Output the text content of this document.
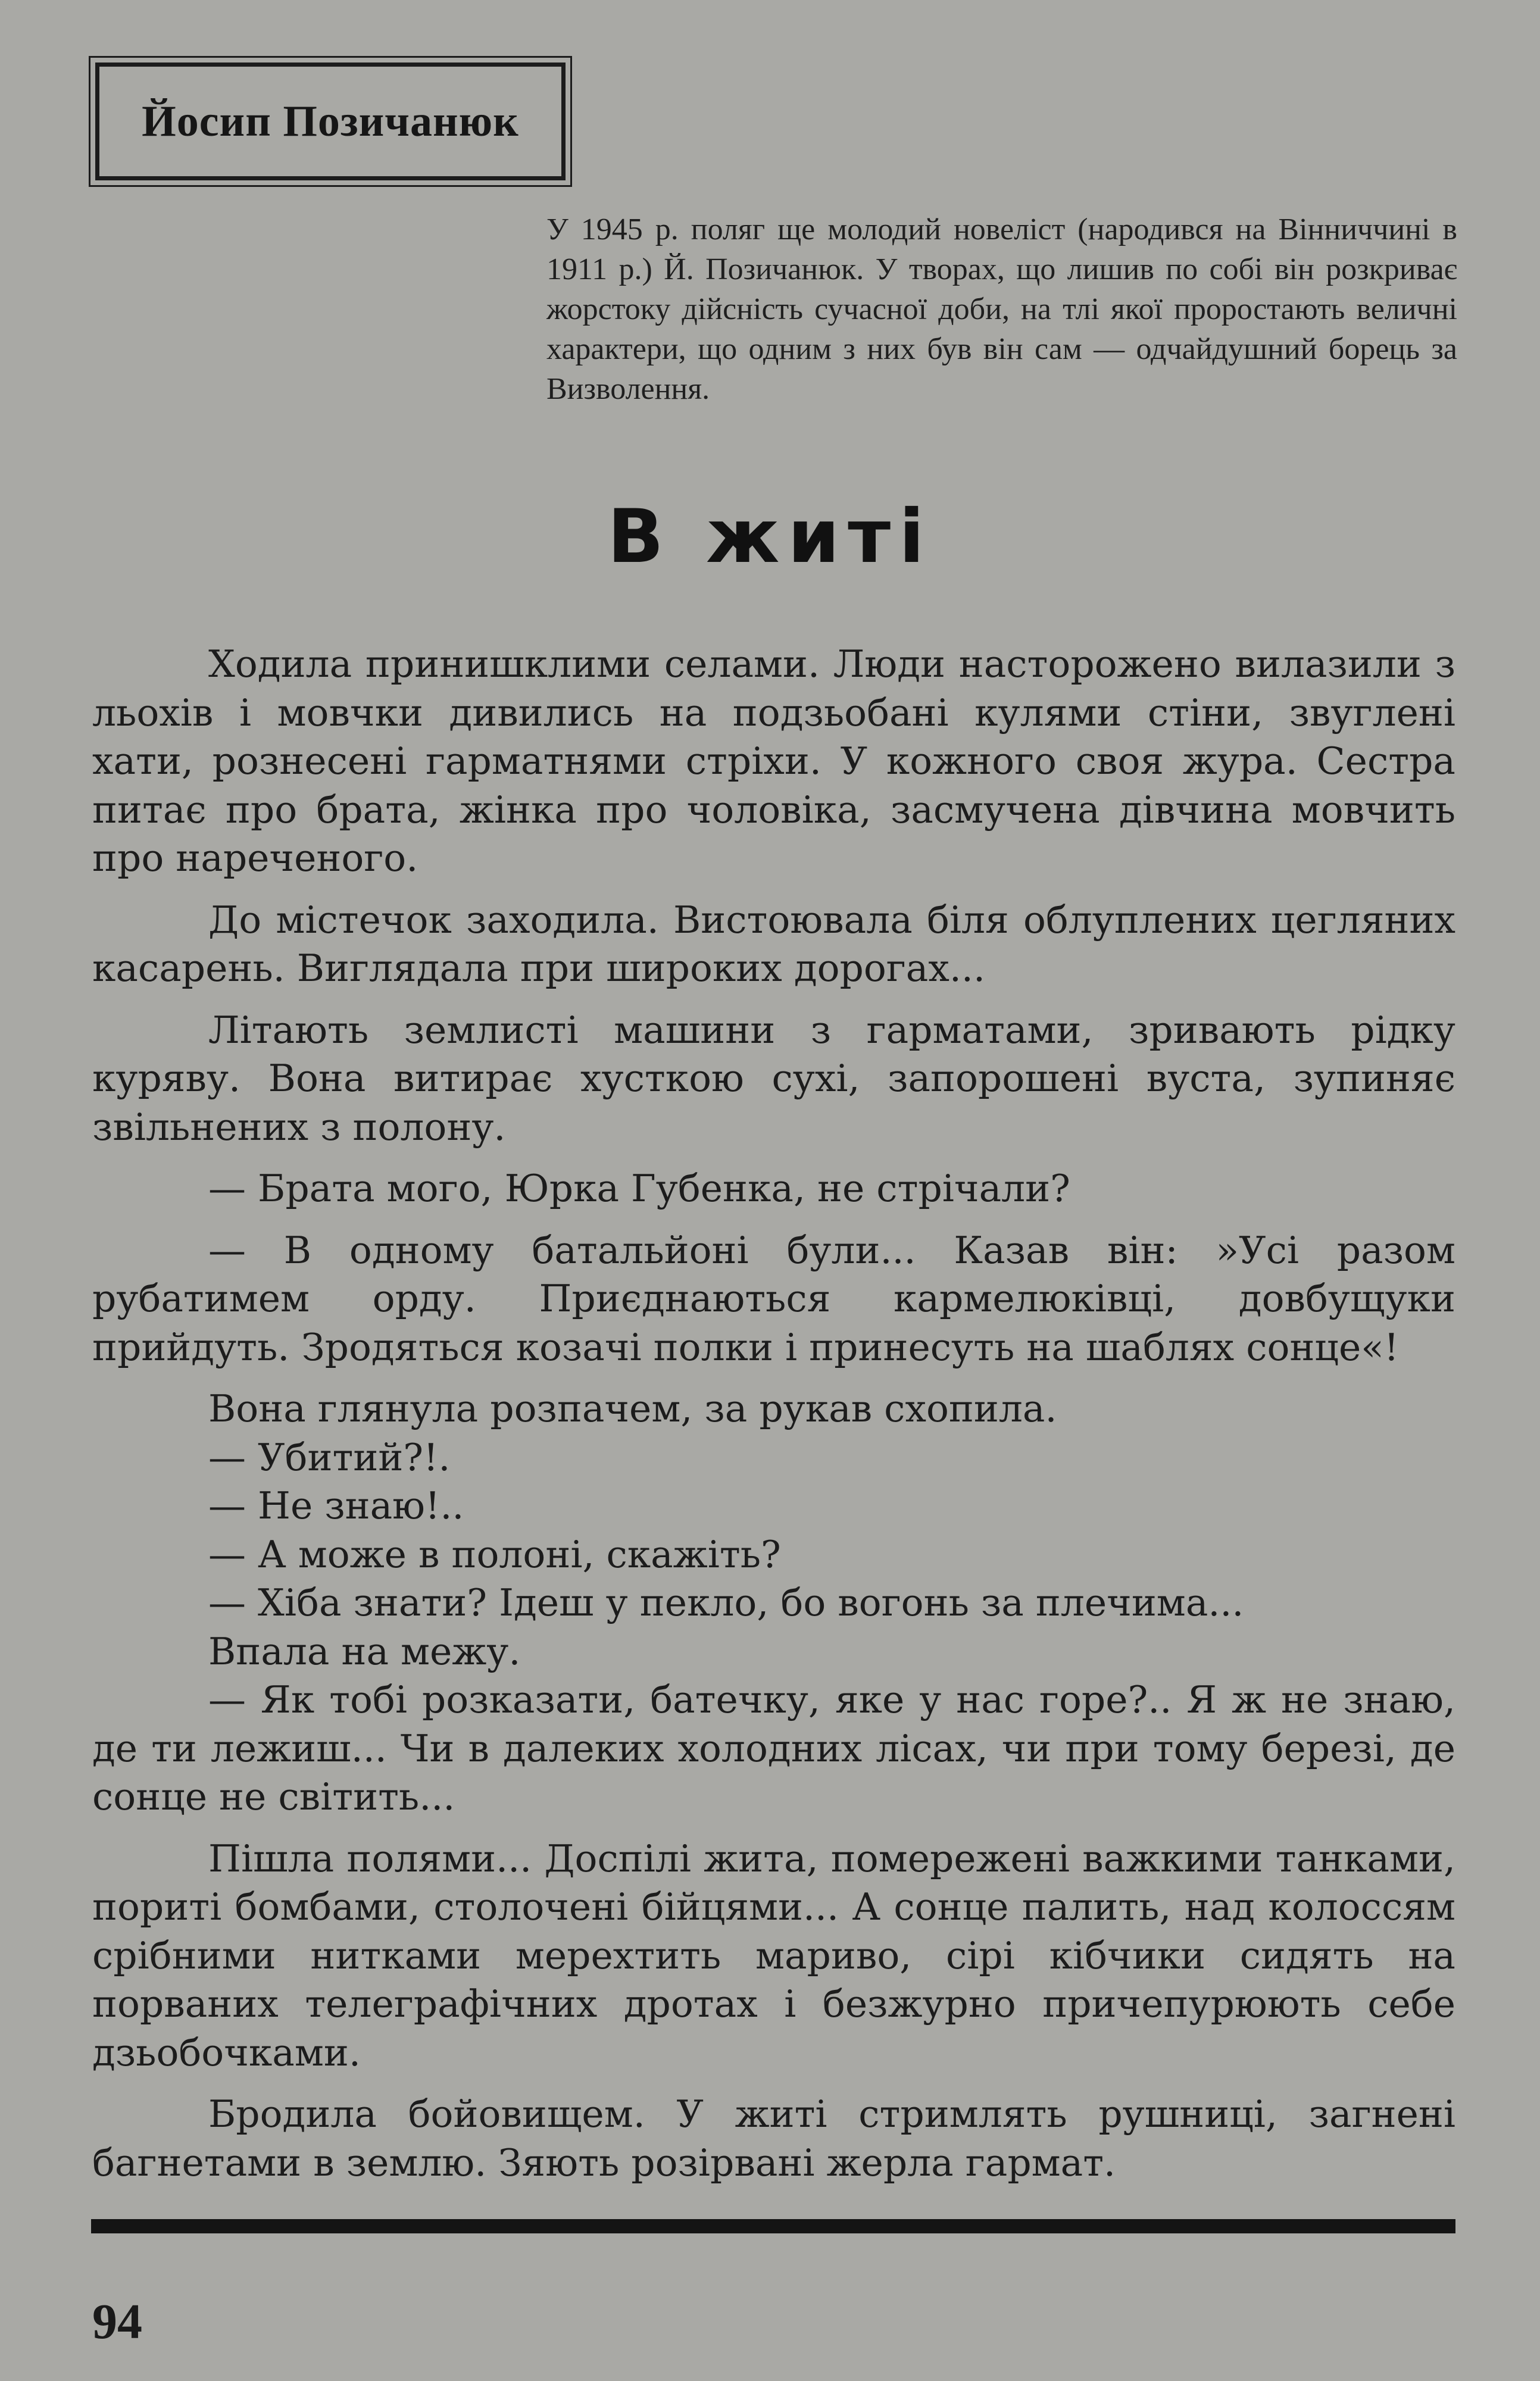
Йосип Позичанюк
У 1945 р. поляг ще молодий новеліст (народився на Вінниччині в 1911 р.) Й. Позичанюк. У творах, що лишив по собі він розкриває жорстоку дійсність сучасної доби, на тлі якої проростають величні характери, що одним з них був він сам — одчайдушний борець за Визволення.
В житі

Ходила принишклими селами. Люди насторожено вилазили з льохів і мовчки дивились на подзьобані кулями стіни, звуглені хати, рознесені гарматнями стріхи. У кожного своя жура. Сестра питає про брата, жінка про чоловіка, засмучена дівчина мовчить про нареченого.

До містечок заходила. Вистоювала біля облуплених цегляних касарень. Виглядала при широких дорогах...

Літають землисті машини з гарматами, зривають рідку куряву. Вона витирає хусткою сухі, запорошені вуста, зупиняє звільнених з полону.

— Брата мого, Юрка Губенка, не стрічали?

— В одному батальйоні були... Казав він: »Усі разом рубатимем орду. Приєднаються кармелюківці, довбущуки прийдуть. Зродяться козачі полки і принесуть на шаблях сонце«!

Вона глянула розпачем, за рукав схопила.

— Убитий?!.

— Не знаю!..

— А може в полоні, скажіть?

— Хіба знати? Ідеш у пекло, бо вогонь за плечима...

Впала на межу.

— Як тобі розказати, батечку, яке у нас горе?.. Я ж не знаю, де ти лежиш... Чи в далеких холодних лісах, чи при тому березі, де сонце не світить...

Пішла полями... Доспілі жита, помережені важкими танками, пориті бомбами, столочені бійцями... А сонце палить, над колоссям срібними нитками мерехтить мариво, сірі кібчики сидять на порваних телеграфічних дротах і безжурно причепурюють себе дзьобочками.

Бродила бойовищем. У житі стримлять рушниці, загнені багнетами в землю. Зяють розірвані жерла гармат.

94
